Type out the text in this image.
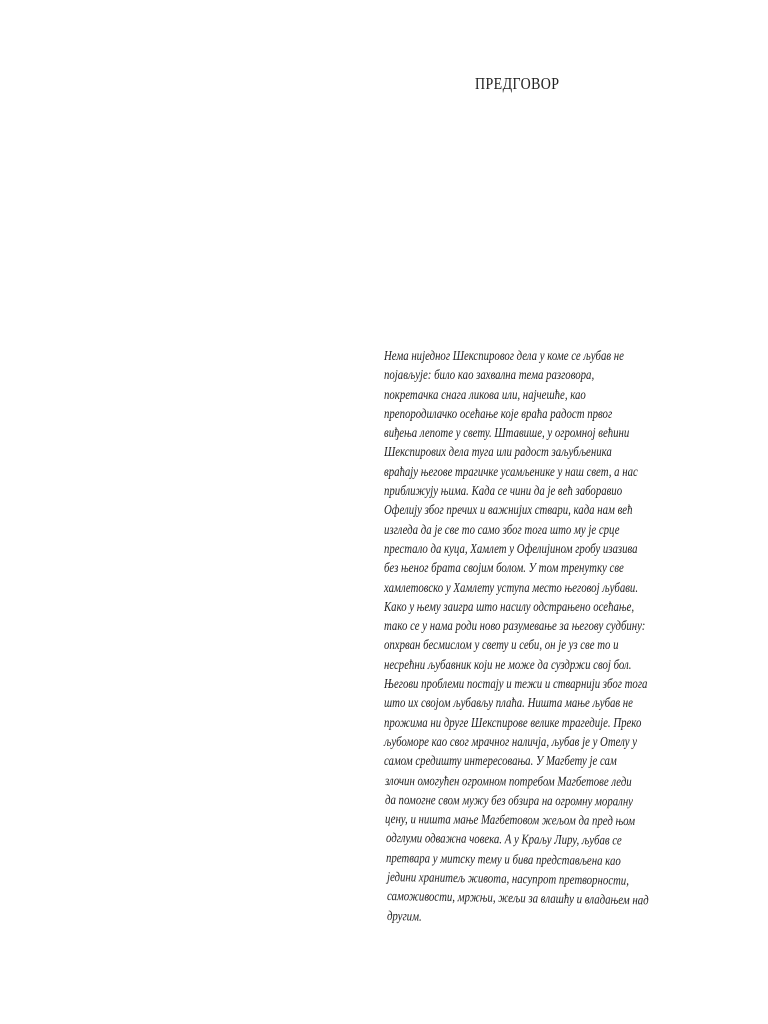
ПРЕДГОВОР
Нема ниједног Шекспировог дела у коме се љубав не
појављује: било као захвална тема разговора,
покретачка снага ликова или, најчешће, као
препородилачко осећање које враћа радост првог
виђења лепоте у свету. Штавише, у огромној већини
Шекспирових дела туга или радост заљубљеника
враћају његове трагичке усамљенике у наш свет, а нас
приближују њима. Када се чини да је већ заборавио
Офелију због пречих и важнијих ствари, када нам већ
изгледа да је све то само због тога што му је срце
престало да куца, Хамлет у Офелијином гробу изазива
без њеног брата својим болом. У том тренутку све
хамлетовско у Хамлету уступа место његовој љубави.
Како у њему заигра што насилу одстрањено осећање,
тако се у нама роди ново разумевање за његову судбину:
опхрван бесмислом у свету и себи, он је уз све то и
несрећни љубавник који не може да суздржи свој бол.
Његови проблеми постају и тежи и стварнији због тога
што их својом љубављу плаћа. Ништа мање љубав не
прожима ни друге Шекспирове велике трагедије. Преко
љубоморе као свог мрачног наличја, љубав је у Отелу у
самом средишту интересовања. У Магбету је сам
злочин омогућен огромном потребом Магбетове леди
да помогне свом мужу без обзира на огромну моралну
цену, и ништа мање Магбетовом жељом да пред њом
одглуми одважна човека. А у Краљу Лиру, љубав се
претвара у митску тему и бива представљена као
једини хранитељ живота, насупрот претворности,
саможивости, мржњи, жељи за влашћу и владањем над
другим.
